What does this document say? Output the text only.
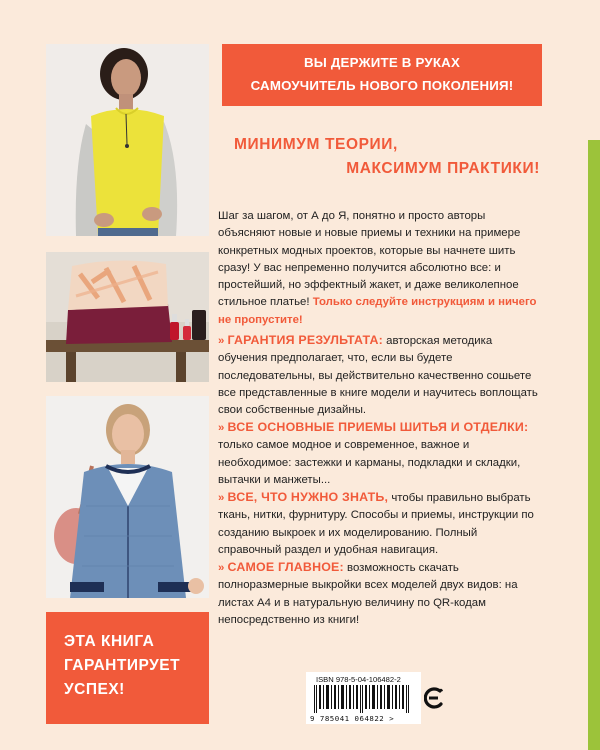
ВЫ ДЕРЖИТЕ В РУКАХ
САМОУЧИТЕЛЬ НОВОГО ПОКОЛЕНИЯ!
МИНИМУМ ТЕОРИИ,
МАКСИМУМ ПРАКТИКИ!
Шаг за шагом, от А до Я, понятно и просто авторы объясняют новые и новые приемы и техники на примере конкретных модных проектов, которые вы начнете шить сразу! У вас непременно получится абсолютно все: и простейший, но эффектный жакет, и даже великолепное стильное платье! Только следуйте инструкциям и ничего не пропустите!
» ГАРАНТИЯ РЕЗУЛЬТАТА: авторская методика обучения предполагает, что, если вы будете последовательны, вы действительно качественно сошьете все представленные в книге модели и научитесь воплощать свои собственные дизайны.
» ВСЕ ОСНОВНЫЕ ПРИЕМЫ ШИТЬЯ И ОТДЕЛКИ: только самое модное и современное, важное и необходимое: застежки и карманы, подкладки и складки, вытачки и манжеты...
» ВСЕ, ЧТО НУЖНО ЗНАТЬ, чтобы правильно выбрать ткань, нитки, фурнитуру. Способы и приемы, инструкции по созданию выкроек и их моделированию. Полный справочный раздел и удобная навигация.
» САМОЕ ГЛАВНОЕ: возможность скачать полноразмерные выкройки всех моделей двух видов: на листах А4 и в натуральную величину по QR-кодам непосредственно из книги!
ЭТА КНИГА
ГАРАНТИРУЕТ
УСПЕХ!
ISBN 978-5-04-106482-2
9 785041 064822 >
